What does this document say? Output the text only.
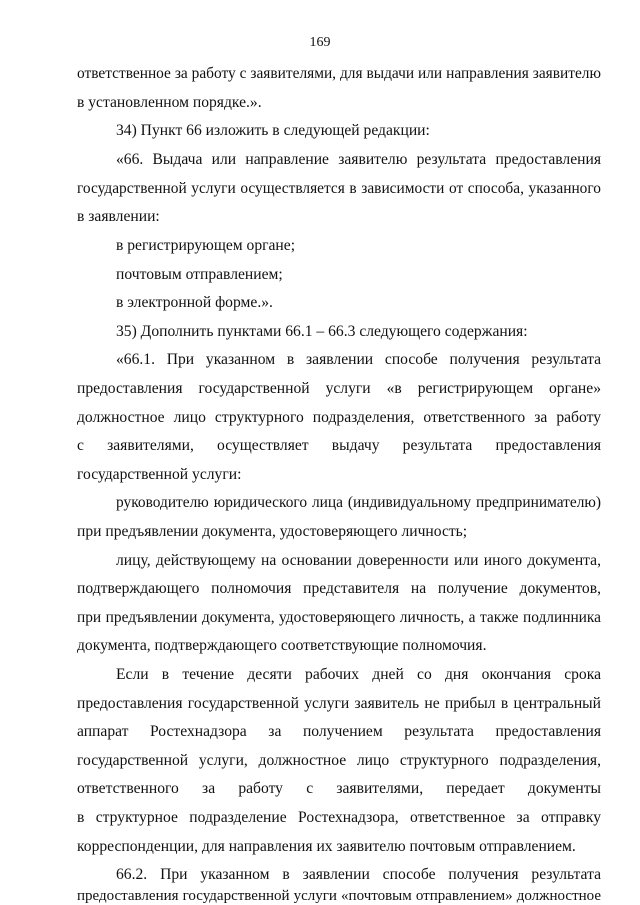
169
ответственное за работу с заявителями, для выдачи или направления заявителю
в установленном порядке.».
34) Пункт 66 изложить в следующей редакции:
«66. Выдача или направление заявителю результата предоставления
государственной услуги осуществляется в зависимости от способа, указанного
в заявлении:
в регистрирующем органе;
почтовым отправлением;
в электронной форме.».
35) Дополнить пунктами 66.1 – 66.3 следующего содержания:
«66.1. При указанном в заявлении способе получения результата
предоставления государственной услуги «в регистрирующем органе»
должностное лицо структурного подразделения, ответственного за работу
с заявителями, осуществляет выдачу результата предоставления
государственной услуги:
руководителю юридического лица (индивидуальному предпринимателю)
при предъявлении документа, удостоверяющего личность;
лицу, действующему на основании доверенности или иного документа,
подтверждающего полномочия представителя на получение документов,
при предъявлении документа, удостоверяющего личность, а также подлинника
документа, подтверждающего соответствующие полномочия.
Если в течение десяти рабочих дней со дня окончания срока
предоставления государственной услуги заявитель не прибыл в центральный
аппарат Ростехнадзора за получением результата предоставления
государственной услуги, должностное лицо структурного подразделения,
ответственного за работу с заявителями, передает документы
в структурное подразделение Ростехнадзора, ответственное за отправку
корреспонденции, для направления их заявителю почтовым отправлением.
66.2. При указанном в заявлении способе получения результата
предоставления государственной услуги «почтовым отправлением» должностное
